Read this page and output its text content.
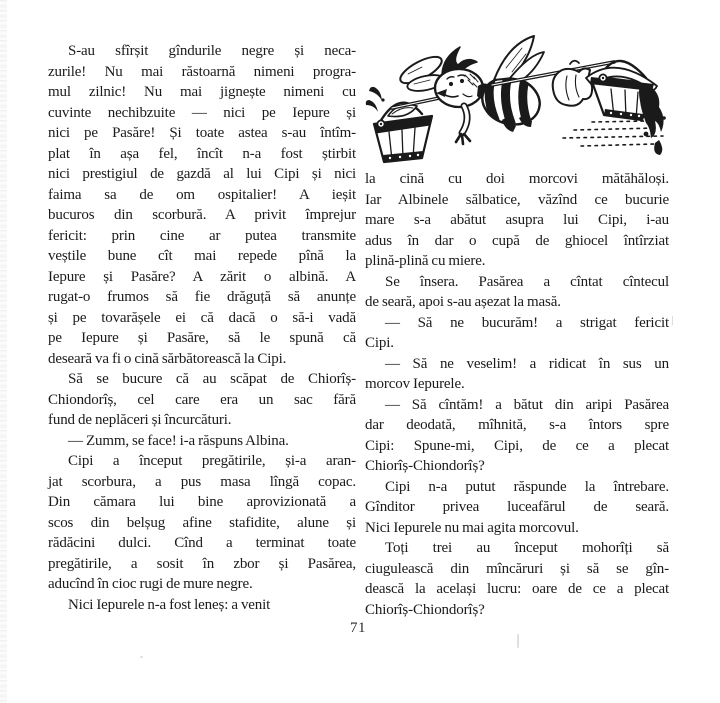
S-au sfîrșit gîndurile negre și neca-
zurile! Nu mai răstoarnă nimeni progra-
mul zilnic! Nu mai jignește nimeni cu
cuvinte nechibzuite — nici pe Iepure și
nici pe Pasăre! Și toate astea s-au întîm-
plat în așa fel, încît n-a fost știrbit
nici prestigiul de gazdă al lui Cipi și nici
faima sa de om ospitalier! A ieșit
bucuros din scorbură. A privit împrejur
fericit: prin cine ar putea transmite
veștile bune cît mai repede pînă la
Iepure și Pasăre? A zărit o albină. A
rugat-o frumos să fie drăguță să anunțe
și pe tovarășele ei că dacă o să-i vadă
pe Iepure și Pasăre, să le spună că
deseară va fi o cină sărbătorească la Cipi.
Să se bucure că au scăpat de Chiorîș-
Chiondorîș, cel care era un sac fără
fund de neplăceri și încurcături.
— Zumm, se face! i-a răspuns Albina.
Cipi a început pregătirile, și-a aran-
jat scorbura, a pus masa lîngă copac.
Din cămara lui bine aprovizionată a
scos din belșug afine stafidite, alune și
rădăcini dulci. Cînd a terminat toate
pregătirile, a sosit în zbor și Pasărea,
aducînd în cioc rugi de mure negre.
Nici Iepurele n-a fost leneș: a venit
la cină cu doi morcovi mătăhăloși.
Iar Albinele sălbatice, văzînd ce bucurie
mare s-a abătut asupra lui Cipi, i-au
adus în dar o cupă de ghiocel întîrziat
plină-plină cu miere.
Se însera. Pasărea a cîntat cîntecul
de seară, apoi s-au așezat la masă.
— Să ne bucurăm! a strigat fericit
Cipi.
— Să ne veselim! a ridicat în sus un
morcov Iepurele.
— Să cîntăm! a bătut din aripi Pasărea
dar deodată, mîhnită, s-a întors spre
Cipi: Spune-mi, Cipi, de ce a plecat
Chiorîș-Chiondorîș?
Cipi n-a putut răspunde la întrebare.
Gînditor privea luceafărul de seară.
Nici Iepurele nu mai agita morcovul.
Toți trei au început mohorîți să
ciugulească din mîncăruri și să se gîn-
dească la același lucru: oare de ce a plecat
Chiorîș-Chiondorîș?
71
